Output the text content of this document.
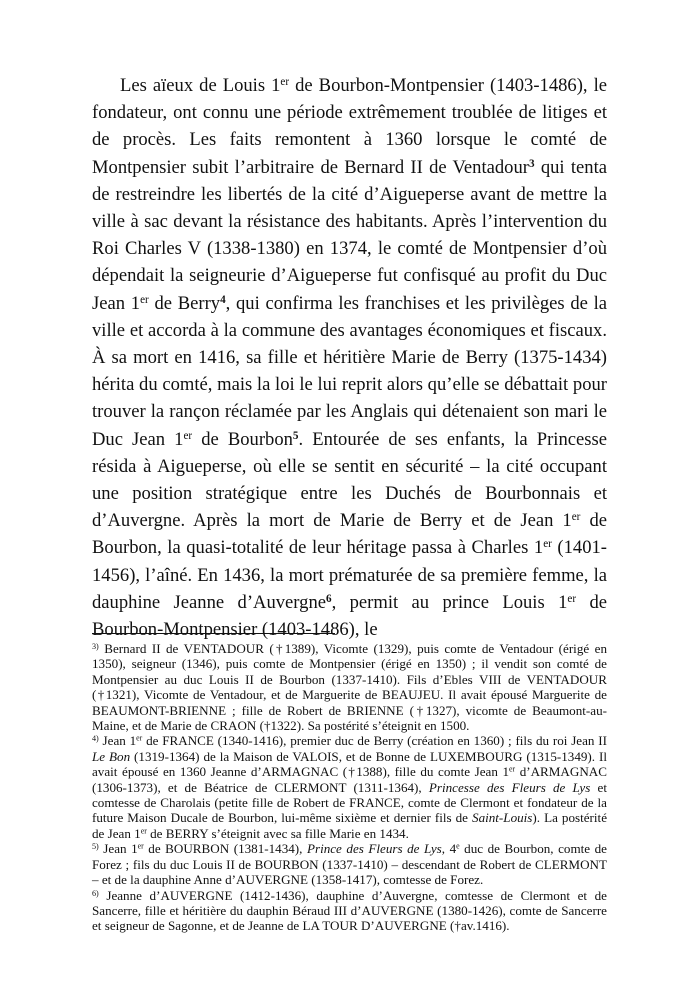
Les aïeux de Louis 1er de Bourbon-Montpensier (1403-1486), le fondateur, ont connu une période extrêmement troublée de litiges et de procès. Les faits remontent à 1360 lorsque le comté de Montpensier subit l’arbitraire de Bernard II de Ventadour$^3$ qui tenta de restreindre les libertés de la cité d’Aigueperse avant de mettre la ville à sac devant la résistance des habitants. Après l’intervention du Roi Charles V (1338-1380) en 1374, le comté de Montpensier d’où dépendait la seigneurie d’Aigueperse fut confisqué au profit du Duc Jean 1er de Berry$^4$, qui confirma les franchises et les privilèges de la ville et accorda à la commune des avantages économiques et fiscaux. À sa mort en 1416, sa fille et héritière Marie de Berry (1375-1434) hérita du comté, mais la loi le lui reprit alors qu’elle se débattait pour trouver la rançon réclamée par les Anglais qui détenaient son mari le Duc Jean 1er de Bourbon$^5$. Entourée de ses enfants, la Princesse résida à Aigueperse, où elle se sentit en sécurité – la cité occupant une position stratégique entre les Duchés de Bourbonnais et d’Auvergne. Après la mort de Marie de Berry et de Jean 1er de Bourbon, la quasi-totalité de leur héritage passa à Charles 1er (1401-1456), l’aîné. En 1436, la mort prématurée de sa première femme, la dauphine Jeanne d’Auvergne$^6$, permit au prince Louis 1er de Bourbon-Montpensier (1403-1486), le

$^{3)}$ Bernard II de VENTADOUR (†1389), Vicomte (1329), puis comte de Ventadour (érigé en 1350), seigneur (1346), puis comte de Montpensier (érigé en 1350) ; il vendit son comté de Montpensier au duc Louis II de Bourbon (1337-1410). Fils d’Ebles VIII de VENTADOUR (†1321), Vicomte de Ventadour, et de Marguerite de BEAUJEU. Il avait épousé Marguerite de BEAUMONT-BRIENNE ; fille de Robert de BRIENNE (†1327), vicomte de Beaumont-au-Maine, et de Marie de CRAON (†1322). Sa postérité s’éteignit en 1500.

$^{4)}$ Jean 1er de FRANCE (1340-1416), premier duc de Berry (création en 1360) ; fils du roi Jean II Le Bon (1319-1364) de la Maison de VALOIS, et de Bonne de LUXEMBOURG (1315-1349). Il avait épousé en 1360 Jeanne d’ARMAGNAC (†1388), fille du comte Jean 1er d’ARMAGNAC (1306-1373), et de Béatrice de CLERMONT (1311-1364), Princesse des Fleurs de Lys et comtesse de Charolais (petite fille de Robert de FRANCE, comte de Clermont et fondateur de la future Maison Ducale de Bourbon, lui-même sixième et dernier fils de Saint-Louis). La postérité de Jean 1er de BERRY s’éteignit avec sa fille Marie en 1434.

$^{5)}$ Jean 1er de BOURBON (1381-1434), Prince des Fleurs de Lys, 4e duc de Bourbon, comte de Forez ; fils du duc Louis II de BOURBON (1337-1410) – descendant de Robert de CLERMONT – et de la dauphine Anne d’AUVERGNE (1358-1417), comtesse de Forez.

$^{6)}$ Jeanne d’AUVERGNE (1412-1436), dauphine d’Auvergne, comtesse de Clermont et de Sancerre, fille et héritière du dauphin Béraud III d’AUVERGNE (1380-1426), comte de Sancerre et seigneur de Sagonne, et de Jeanne de LA TOUR D’AUVERGNE (†av.1416).
